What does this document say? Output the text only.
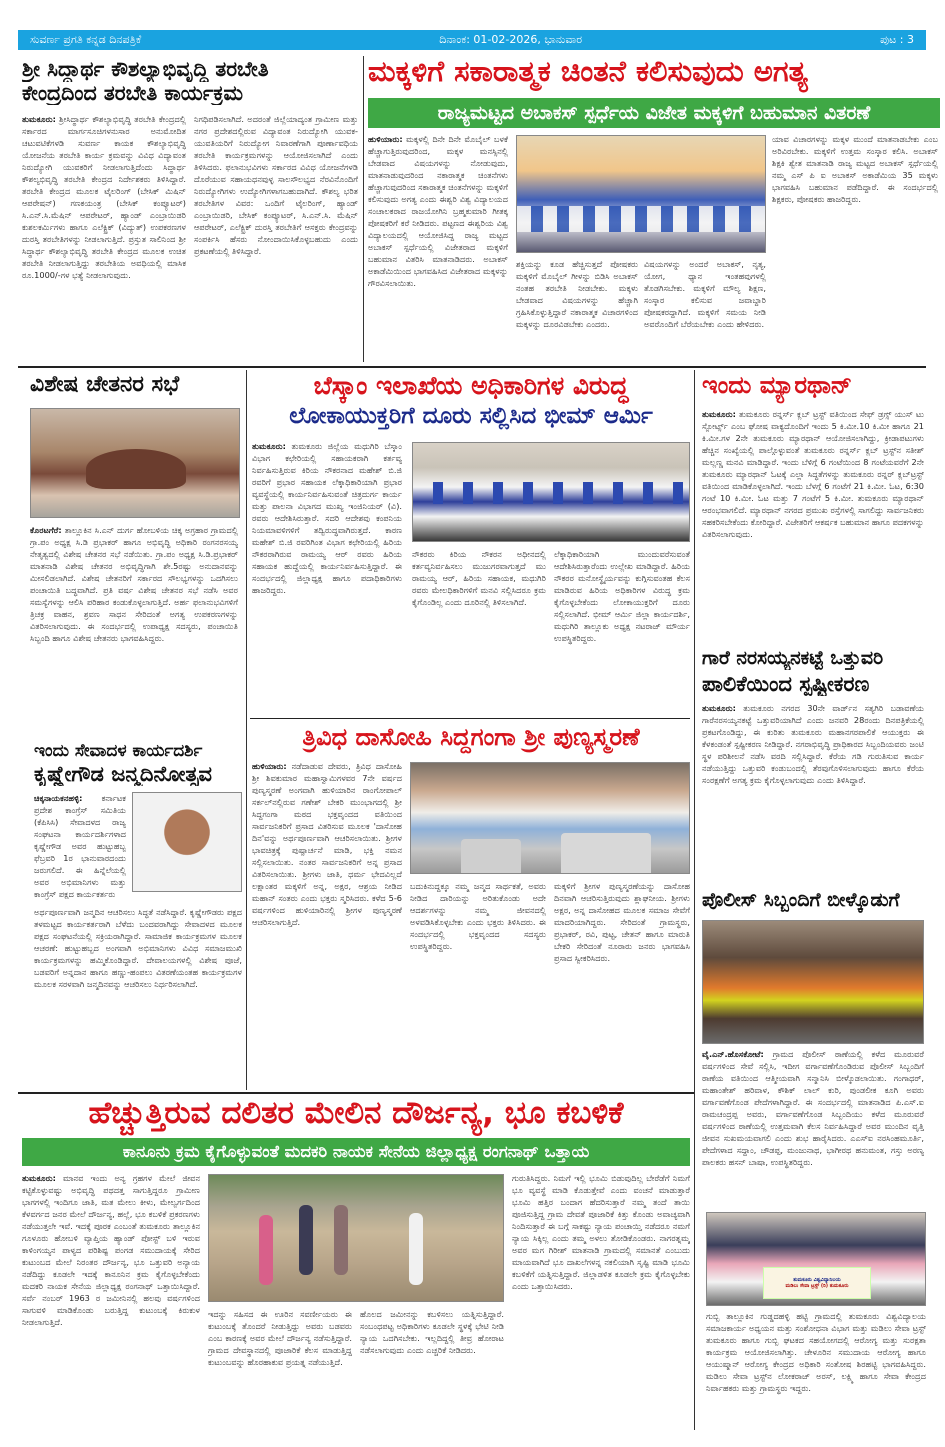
ಸುವರ್ಣ ಪ್ರಗತಿ ಕನ್ನಡ ದಿನಪತ್ರಿಕೆ	ದಿನಾಂಕ: 01-02-2026, ಭಾನುವಾರ	ಪುಟ : 3
ಶ್ರೀ ಸಿದ್ಧಾರ್ಥ ಕೌಶಲ್ಯಾಭಿವೃದ್ಧಿ ತರಬೇತಿ
ಕೇಂದ್ರದಿಂದ ತರಬೇತಿ ಕಾರ್ಯಕ್ರಮ
ತುಮಕೂರು: ಶ್ರೀಸಿದ್ಧಾರ್ಥ ಕೌಶಲ್ಯಾಭಿವೃದ್ಧಿ ತರಬೇತಿ ಕೇಂದ್ರದಲ್ಲಿ ಸರ್ಕಾರದ ಮಾರ್ಗಸೂಚಿಗಳನುಸಾರ ಅನುಮೋದಿತ ಚಟುವಟಿಕೆಗಳಡಿ ಸುವರ್ಣ ಕಾಯಕ ಕೌಶಲ್ಯಾಭಿವೃದ್ಧಿ ಯೋಜನೆಯ ತರಬೇತಿ ಕಾರ್ಯ ಕ್ರಮವನ್ನು ವಿವಿಧ ವಿದ್ಯಾವಂತ ನಿರುದ್ಯೋಗಿ ಯುವಕರಿಗೆ ನೀಡಲಾಗುತ್ತಿದೆಂದು ಸಿದ್ಧಾರ್ಥ ಕೌಶಲ್ಯಭಿವೃದ್ಧಿ ತರಬೇತಿ ಕೇಂದ್ರದ ನಿರ್ದೇಶಕರು ತಿಳಿಸಿದ್ದಾರೆ. ತರಬೇತಿ ಕೇಂದ್ರದ ಮೂಲಕ ಟೈಲರಿಂಗ್ (ಬೇಸಿಕ್ ಮಿಷಿನ್ ಆಪರೇಷನ್) ಗಣಕಯಂತ್ರ (ಬೇಸಿಕ್ ಕಂಪ್ಯೂಟರ್) ಸಿ.ಎನ್.ಸಿ.ಮೆಷಿನ್ ಆಪರೇಟರ್, ಹ್ಯಾಂಡ್ ಎಂಬ್ರಾಯಿಡರಿ ಕುಶಲಕರ್ಮಿಗಳು ಹಾಗೂ ಎಲೆಕ್ಟ್ರಿಕ್ (ವಿದ್ಯುತ್) ಉಪಕರಣಗಳ ದುರಸ್ತಿ ತರಬೇತಿಗಳನ್ನು ನೀಡಲಾಗುತ್ತಿದೆ. ಪ್ರಸ್ತುತ ಸಾಲಿನಿಂದ ಶ್ರೀ ಸಿದ್ಧಾರ್ಥ ಕೌಶಲ್ಯಾಭಿವೃದ್ಧಿ ತರಬೇತಿ ಕೇಂದ್ರದ ಮೂಲಕ ಉಚಿತ ತರಬೇತಿ ನೀಡಲಾಗುತ್ತಿದ್ದು ತರಬೇತಿಯ ಅವಧಿಯಲ್ಲಿ ಮಾಸಿಕ ರೂ.1000/-ಗಳ ಭತ್ಯೆ ನೀಡಲಾಗುವುದು.
ನಿಗಧಿಪಡಿಸಲಾಗಿದೆ. ಅದರಂತೆ ಜಿಲ್ಲೆಯಾದ್ಯಂತ ಗ್ರಾಮೀಣ ಮತ್ತು ನಗರ ಪ್ರದೇಶದಲ್ಲಿರುವ ವಿದ್ಯಾವಂತ ನಿರುದ್ಯೋಗಿ ಯುವಕ- ಯುವತಿಯರಿಗೆ ನಿರುದ್ಯೋಗ ನಿವಾರಣೆಗಾಗಿ ಪೂರ್ಣಾವಧಿಯ ತರಬೇತಿ ಕಾರ್ಯಕ್ರಮಗಳನ್ನು ಆಯೋಜಿಸಲಾಗಿದೆ ಎಂದು ತಿಳಿಸಿದರು. ಫಲಾನುಭವಿಗಳು ಸರ್ಕಾರದ ವಿವಿಧ ಯೋಜನೆಗಳಡಿ ದೊರೆಯುವ ಸಹಾಯಧನವುಳ್ಳ ಸಾಲಸೌಲಭ್ಯದ ನೆರವಿನೊಂದಿಗೆ ನಿರುದ್ಯೋಗಿಗಳು ಉದ್ಯೋಗಿಗಳಾಗಬಹುದಾಗಿದೆ. ಕೌಶಲ್ಯ ಭರಿತ ತರಬೇತಿಗಳ ವಿವರ: ಒಂದಿಗೆ ಟೈಲರಿಂಗ್, ಹ್ಯಾಂಡ್ ಎಂಬ್ರಾಯಿಡರಿ, ಬೇಸಿಕ್ ಕಂಪ್ಯೂಟರ್, ಸಿ.ಎನ್.ಸಿ. ಮೆಷಿನ್ ಆಪರೇಟರ್, ಎಲೆಕ್ಟ್ರಿಕ್ ದುರಸ್ತಿ ತರಬೇತಿಗೆ ಆಸಕ್ತರು ಕೇಂದ್ರವನ್ನು ಸಂಪರ್ಕಿಸಿ ಹೆಸರು ನೋಂದಾಯಿಸಿಕೊಳ್ಳಬಹುದು ಎಂದು ಪ್ರಕಟಣೆಯಲ್ಲಿ ತಿಳಿಸಿದ್ದಾರೆ.
ಮಕ್ಕಳಿಗೆ ಸಕಾರಾತ್ಮಕ ಚಿಂತನೆ ಕಲಿಸುವುದು ಅಗತ್ಯ
ರಾಜ್ಯಮಟ್ಟದ ಅಬಾಕಸ್ ಸ್ಪರ್ಧೆಯ ವಿಜೇತ ಮಕ್ಕಳಿಗೆ ಬಹುಮಾನ ವಿತರಣೆ
ಹುಳಿಯಾರು: ಮಕ್ಕಳಲ್ಲಿ ದಿನೇ ದಿನೇ ಮೊಬೈಲ್ ಬಳಕೆ ಹೆಚ್ಚಾಗುತ್ತಿರುವುದರಿಂದ, ಮಕ್ಕಳ ಮನಸ್ಸಿನಲ್ಲಿ ಬೇಡವಾದ ವಿಷಯಗಳನ್ನು ನೋಡುವುದು, ಮಾತನಾಡುವುದರಿಂದ ನಕಾರಾತ್ಮಕ ಚಿಂತನೆಗಳು ಹೆಚ್ಚಾಗುವುದರಿಂದ ಸಕಾರಾತ್ಮಕ ಚಿಂತನೆಗಳನ್ನು ಮಕ್ಕಳಿಗೆ ಕಲಿಸುವುದು ಅಗತ್ಯ ಎಂದು ಈಶ್ವರಿ ವಿಶ್ವ ವಿದ್ಯಾಲಯದ ಸಂಚಾಲಕರಾದ ರಾಜಯೋಗಿನಿ ಬ್ರಹ್ಮಕುಮಾರಿ ಗೀತಕ್ಕ ಪೋಷಕರಿಗೆ ಕರೆ ನೀಡಿದರು. ಪಟ್ಟಣದ ಈಶ್ವರಿಯ ವಿಶ್ವ ವಿದ್ಯಾಲಯದಲ್ಲಿ ಆಯೋಜಿಸಿದ್ದ ರಾಜ್ಯ ಮಟ್ಟದ ಅಬಾಕಸ್ ಸ್ಪರ್ಧೆಯಲ್ಲಿ ವಿಜೇತರಾದ ಮಕ್ಕಳಿಗೆ ಬಹುಮಾನ ವಿತರಿಸಿ ಮಾತನಾಡಿದರು. ಅಬಾಕಸ್ ಅಕಾಡೆಮಿಯಿಂದ ಭಾಗವಹಿಸಿದ ವಿಜೇತರಾದ ಮಕ್ಕಳನ್ನು ಗೌರವಿಸಲಾಯಿತು.
ಶಕ್ತಿಯನ್ನು ಕೂಡ ಹೆಚ್ಚಿಸುತ್ತದೆ ಪೋಷಕರು ಮಕ್ಕಳಿಗೆ ಮೊಬೈಲ್ ಗೀಳನ್ನು ಬಿಡಿಸಿ ಅಬಾಕಸ್ ನಂತಹ ತರಬೇತಿ ನೀಡಬೇಕು. ಮಕ್ಕಳು ಬೇಡವಾದ ವಿಷಯಗಳನ್ನು ಹೆಚ್ಚಾಗಿ ಗ್ರಹಿಸಿಕೊಳ್ಳುತ್ತಿದ್ದಾರೆ ನಕಾರಾತ್ಮಕ ವಿಚಾರಗಳಿಂದ ಮಕ್ಕಳನ್ನು ದೂರವಿಡಬೇಕು ಎಂದರು.
ವಿಷಯಗಳನ್ನು ಅಂದರೆ ಅಬಾಕಸ್, ನೃತ್ಯ, ಯೋಗ, ಧ್ಯಾನ ಇಂತಹವುಗಳಲ್ಲಿ ತೊಡಗಿಸಬೇಕು. ಮಕ್ಕಳಿಗೆ ಮೌಲ್ಯ ಶಿಕ್ಷಣ, ಸಂಸ್ಕಾರ ಕಲಿಸುವ ಜವಾಬ್ದಾರಿ ಪೋಷಕರದ್ದಾಗಿದೆ. ಮಕ್ಕಳಿಗೆ ಸಮಯ ನೀಡಿ ಅವರೊಂದಿಗೆ ಬೆರೆಯಬೇಕು ಎಂದು ಹೇಳಿದರು.
ಯಾವ ವಿಚಾರಗಳನ್ನು ಮಕ್ಕಳ ಮುಂದೆ ಮಾತನಾಡಬೇಕು ಎಂಬ ಅರಿವಿರಬೇಕು. ಮಕ್ಕಳಿಗೆ ಉತ್ತಮ ಸಂಸ್ಕಾರ ಕಲಿಸಿ. ಅಬಾಕಸ್ ಶಿಕ್ಷಕಿ ಶ್ವೇತ ಮಾತನಾಡಿ ರಾಜ್ಯ ಮಟ್ಟದ ಅಬಾಕಸ್ ಸ್ಪರ್ಧೆಯಲ್ಲಿ ನಮ್ಮ ಎಸ್ ಪಿ ಐ ಅಬಾಕಸ್ ಅಕಾಡೆಮಿಯ 35 ಮಕ್ಕಳು ಭಾಗವಹಿಸಿ ಬಹುಮಾನ ಪಡೆದಿದ್ದಾರೆ. ಈ ಸಂದರ್ಭದಲ್ಲಿ ಶಿಕ್ಷಕರು, ಪೋಷಕರು ಹಾಜರಿದ್ದರು.
ವಿಶೇಷ ಚೇತನರ ಸಭೆ
ಕೊರಟಗೆರೆ: ತಾಲ್ಲೂಕಿನ ಸಿ.ಎನ್ ದುರ್ಗ ಹೋಬಳಿಯ ಚಿಕ್ಕ ಅಗ್ರಹಾರ ಗ್ರಾಮದಲ್ಲಿ ಗ್ರಾ.ಪಂ ಅಧ್ಯಕ್ಷ ಸಿ.ಡಿ ಪ್ರಭಾಕರ್ ಹಾಗೂ ಅಭಿವೃದ್ಧಿ ಅಧಿಕಾರಿ ರಂಗನರಸಯ್ಯ ನೇತೃತ್ವದಲ್ಲಿ ವಿಶೇಷ ಚೇತನರ ಸಭೆ ನಡೆಯಿತು. ಗ್ರಾ.ಪಂ ಅಧ್ಯಕ್ಷ ಸಿ.ಡಿ.ಪ್ರಭಾಕರ್ ಮಾತನಾಡಿ ವಿಶೇಷ ಚೇತನರ ಅಭಿವೃದ್ಧಿಗಾಗಿ ಶೇ.5ರಷ್ಟು ಅನುದಾನವನ್ನು ಮೀಸಲಿಡಲಾಗಿದೆ. ವಿಶೇಷ ಚೇತನರಿಗೆ ಸರ್ಕಾರದ ಸೌಲಭ್ಯಗಳನ್ನು ಒದಗಿಸಲು ಪಂಚಾಯಿತಿ ಬದ್ಧವಾಗಿದೆ. ಪ್ರತಿ ವರ್ಷ ವಿಶೇಷ ಚೇತನರ ಸಭೆ ನಡೆಸಿ ಅವರ ಸಮಸ್ಯೆಗಳನ್ನು ಆಲಿಸಿ ಪರಿಹಾರ ಕಂಡುಕೊಳ್ಳಲಾಗುತ್ತಿದೆ. ಅರ್ಹ ಫಲಾನುಭವಿಗಳಿಗೆ ತ್ರಿಚಕ್ರ ವಾಹನ, ಶ್ರವಣ ಸಾಧನ ಸೇರಿದಂತೆ ಅಗತ್ಯ ಉಪಕರಣಗಳನ್ನು ವಿತರಿಸಲಾಗುವುದು. ಈ ಸಂದರ್ಭದಲ್ಲಿ ಉಪಾಧ್ಯಕ್ಷ ಸದಸ್ಯರು, ಪಂಚಾಯಿತಿ ಸಿಬ್ಬಂದಿ ಹಾಗೂ ವಿಶೇಷ ಚೇತನರು ಭಾಗವಹಿಸಿದ್ದರು.
ಇಂದು ಸೇವಾದಳ ಕಾರ್ಯದರ್ಶಿ
ಕೃಷ್ಣೇಗೌಡ ಜನ್ಮದಿನೋತ್ಸವ
ಚಿಕ್ಕನಾಯಕನಹಳ್ಳಿ: ಕರ್ನಾಟಕ ಪ್ರದೇಶ ಕಾಂಗ್ರೆಸ್ ಸಮಿತಿಯ (ಕೆಪಿಸಿಸಿ) ಸೇವಾದಳದ ರಾಜ್ಯ ಸಂಘಟನಾ ಕಾರ್ಯದರ್ಶಿಗಳಾದ ಕೃಷ್ಣೇಗೌಡ ಅವರ ಹುಟ್ಟುಹಬ್ಬ ಫೆಬ್ರವರಿ 1ರ ಭಾನುವಾರದಂದು ಜರುಗಲಿದೆ. ಈ ಹಿನ್ನೆಲೆಯಲ್ಲಿ ಅವರ ಅಭಿಮಾನಿಗಳು ಮತ್ತು ಕಾಂಗ್ರೆಸ್ ಪಕ್ಷದ ಕಾರ್ಯಕರ್ತರು
ಅರ್ಥಪೂರ್ಣವಾಗಿ ಜನ್ಮದಿನ ಆಚರಿಸಲು ಸಿದ್ಧತೆ ನಡೆಸಿದ್ದಾರೆ. ಕೃಷ್ಣೇಗೌಡರು ಪಕ್ಷದ ತಳಮಟ್ಟದ ಕಾರ್ಯಕರ್ತರಾಗಿ ಬೆಳೆದು ಬಂದವರಾಗಿದ್ದು ಸೇವಾದಳದ ಮೂಲಕ ಪಕ್ಷದ ಸಂಘಟನೆಯಲ್ಲಿ ಸಕ್ರಿಯರಾಗಿದ್ದಾರೆ. ಸಾಮಾಜಿಕ ಕಾರ್ಯಕ್ರಮಗಳ ಮೂಲಕ ಆಚರಣೆ: ಹುಟ್ಟುಹಬ್ಬದ ಅಂಗವಾಗಿ ಅಭಿಮಾನಿಗಳು ವಿವಿಧ ಸಮಾಜಮುಖಿ ಕಾರ್ಯಕ್ರಮಗಳನ್ನು ಹಮ್ಮಿಕೊಂಡಿದ್ದಾರೆ. ದೇವಾಲಯಗಳಲ್ಲಿ ವಿಶೇಷ ಪೂಜೆ, ಬಡವರಿಗೆ ಅನ್ನದಾನ ಹಾಗೂ ಹಣ್ಣು-ಹಂಪಲು ವಿತರಣೆಯಂತಹ ಕಾರ್ಯಕ್ರಮಗಳ ಮೂಲಕ ಸರಳವಾಗಿ ಜನ್ಮದಿನವನ್ನು ಆಚರಿಸಲು ನಿರ್ಧರಿಸಲಾಗಿದೆ.
ಬೆಸ್ಕಾಂ ಇಲಾಖೆಯ ಅಧಿಕಾರಿಗಳ ವಿರುದ್ಧ
ಲೋಕಾಯುಕ್ತರಿಗೆ ದೂರು ಸಲ್ಲಿಸಿದ ಭೀಮ್ ಆರ್ಮಿ
ತುಮಕೂರು: ತುಮಕೂರು ಜಿಲ್ಲೆಯ ಮಧುಗಿರಿ ಬೆಸ್ಕಾಂ ವಿಭಾಗ ಕಛೇರಿಯಲ್ಲಿ ಸಹಾಯಕರಾಗಿ ಕರ್ತವ್ಯ ನಿರ್ವಹಿಸುತ್ತಿರುವ ಕಿರಿಯ ನೌಕರನಾದ ಮಹೇಶ್ ಬಿ.ಜಿ ರವರಿಗೆ ಪ್ರಭಾರ ಸಹಾಯಕ ಲೆಕ್ಕಾಧಿಕಾರಿಯಾಗಿ ಪ್ರಭಾರ ವ್ಯವಸ್ಥೆಯಲ್ಲಿ ಕಾರ್ಯನಿರ್ವಹಿಸುವಂತೆ ಚಿತ್ರದುರ್ಗ ಕಾರ್ಯ ಮತ್ತು ಪಾಲನಾ ವಿಭಾಗದ ಮುಖ್ಯ ಇಂಜಿನಿಯರ್ (ವಿ). ರವರು ಆದೇಶಿಸಿರುತ್ತಾರೆ. ಸದರಿ ಆದೇಶವು ಕಂಪನಿಯ ನಿಯಮಾವಳಿಗಳಿಗೆ ತದ್ವಿರುದ್ಧವಾಗಿರುತ್ತದೆ. ಕಾರಣ ಮಹೇಶ್ ಬಿ.ಜಿ ರವರಿಗಿಂತ ವಿಭಾಗ ಕಛೇರಿಯಲ್ಲಿ ಹಿರಿಯ ನೌಕರರಾಗಿರುವ ರಾಮಯ್ಯ ಆರ್ ರವರು ಹಿರಿಯ ಸಹಾಯಕ ಹುದ್ದೆಯಲ್ಲಿ ಕಾರ್ಯನಿರ್ವಹಿಸುತ್ತಿದ್ದಾರೆ. ಈ ಸಂದರ್ಭದಲ್ಲಿ ಜಿಲ್ಲಾಧ್ಯಕ್ಷ ಹಾಗೂ ಪದಾಧಿಕಾರಿಗಳು ಹಾಜರಿದ್ದರು.
ನೌಕರರು ಕಿರಿಯ ನೌಕರನ ಅಧೀನದಲ್ಲಿ ಕರ್ತವ್ಯನಿರ್ವಹಿಸಲು ಮುಜುಗರವಾಗುತ್ತದೆ ಮು ರಾಮಯ್ಯ ಆರ್, ಹಿರಿಯ ಸಹಾಯಕ, ಮಧುಗಿರಿ ರವರು ಮೇಲಧಿಕಾರಿಗಳಿಗೆ ಮನವಿ ಸಲ್ಲಿಸಿದರೂ ಕ್ರಮ ಕೈಗೊಂಡಿಲ್ಲ ಎಂದು ದೂರಿನಲ್ಲಿ ತಿಳಿಸಲಾಗಿದೆ.
ಲೆಕ್ಕಾಧಿಕಾರಿಯಾಗಿ ಮುಂದುವರೆಸುವಂತೆ ಆದೇಶಿಸಿರುತ್ತಾರೆಂದು ಉಲ್ಲೇಖ ಮಾಡಿದ್ದಾರೆ. ಹಿರಿಯ ನೌಕರರ ಮನೋಸ್ಥೈರ್ಯವನ್ನು ಕುಗ್ಗಿಸುವಂತಹ ಕೆಲಸ ಮಾಡಿರುವ ಹಿರಿಯ ಅಧಿಕಾರಿಗಳ ವಿರುದ್ಧ ಕ್ರಮ ಕೈಗೊಳ್ಳಬೇಕೆಂದು ಲೋಕಾಯುಕ್ತರಿಗೆ ದೂರು ಸಲ್ಲಿಸಲಾಗಿದೆ. ಭೀಮ್ ಆರ್ಮಿ ಜಿಲ್ಲಾ ಕಾರ್ಯದರ್ಶಿ, ಮಧುಗಿರಿ ತಾಲ್ಲೂಕು ಅಧ್ಯಕ್ಷ ನಟರಾಜ್ ಮೌರ್ಯ ಉಪಸ್ಥಿತರಿದ್ದರು.
ಇಂದು ಮ್ಯಾರಥಾನ್
ತುಮಕೂರು: ತುಮಕೂರು ರನ್ನರ್ಸ್ ಕ್ಲಬ್ ಟ್ರಸ್ಟ್ ವತಿಯಿಂದ ಸೇಫ್ ಡ್ರಗ್ಸ್ ಯುಸ್ ಟು ಸ್ಪೋರ್ಟ್ಸ್ ಎಂಬ ಘೋಷ ವಾಕ್ಯದೊಂದಿಗೆ ಇಂದು 5 ಕಿ.ಮೀ.10 ಕಿ.ಮೀ ಹಾಗೂ 21 ಕಿ.ಮೀ.ಗಳ 2ನೇ ತುಮಕೂರು ಮ್ಯಾರಥಾನ್ ಆಯೋಜಿಸಲಾಗಿದ್ದು, ಕ್ರೀಡಾಪಟುಗಳು ಹೆಚ್ಚಿನ ಸಂಖ್ಯೆಯಲ್ಲಿ ಪಾಲ್ಗೊಳ್ಳುವಂತೆ ತುಮಕೂರು ರನ್ನರ್ಸ್ ಕ್ಲಬ್ ಟ್ರಸ್ಟ್‌ನ ಸತೀಶ್ ಮಲ್ಲಣ್ಣ ಮನವಿ ಮಾಡಿದ್ದಾರೆ. ಇಂದು ಬೆಳಿಗ್ಗೆ 6 ಗಂಟೆಯಿಂದ 8 ಗಂಟೆಯವರೆಗೆ 2ನೇ ತುಮಕೂರು ಮ್ಯಾರಥಾನ್ ಓಟಕ್ಕೆ ಎಲ್ಲಾ ಸಿದ್ಧತೆಗಳನ್ನು ತುಮಕೂರು ರನ್ನರ್ ಕ್ಲಬ್‌ಟ್ರಸ್ಟ್ ವತಿಯಿಂದ ಮಾಡಿಕೊಳ್ಳಲಾಗಿದೆ. ಇಂದು ಬೆಳಗ್ಗೆ 6 ಗಂಟೆಗೆ 21 ಕಿ.ಮೀ. ಓಟ, 6:30 ಗಂಟೆ 10 ಕಿ.ಮೀ. ಓಟ ಮತ್ತು 7 ಗಂಟೆಗೆ 5 ಕಿ.ಮೀ. ತುಮಕೂರು ಮ್ಯಾರಥಾನ್ ಆರಂಭವಾಗಲಿದೆ. ಮ್ಯಾರಥಾನ್ ನಗರದ ಪ್ರಮುಖ ರಸ್ತೆಗಳಲ್ಲಿ ಸಾಗಲಿದ್ದು ಸಾರ್ವಜನಿಕರು ಸಹಕರಿಸಬೇಕೆಂದು ಕೋರಿದ್ದಾರೆ. ವಿಜೇತರಿಗೆ ಆಕರ್ಷಕ ಬಹುಮಾನ ಹಾಗೂ ಪದಕಗಳನ್ನು ವಿತರಿಸಲಾಗುವುದು.
ಗಾರೆ ನರಸಯ್ಯನಕಟ್ಟೆ ಒತ್ತುವರಿ
ಪಾಲಿಕೆಯಿಂದ ಸ್ಪಷ್ಟೀಕರಣ
ತುಮಕೂರು: ತುಮಕೂರು ನಗರದ 30ನೇ ವಾರ್ಡ್‌ನ ಸತ್ಯಗಿರಿ ಬಡಾವಣೆಯ ಗಾರೆನರಸಯ್ಯನಕಟ್ಟೆ ಒತ್ತುವರಿಯಾಗಿದೆ ಎಂದು ಜನವರಿ 28ರಂದು ದಿನಪತ್ರಿಕೆಯಲ್ಲಿ ಪ್ರಕಟಗೊಂಡಿದ್ದು, ಈ ಕುರಿತು ತುಮಕೂರು ಮಹಾನಗರಪಾಲಿಕೆ ಆಯುಕ್ತರು ಈ ಕೆಳಕಂಡಂತೆ ಸ್ಪಷ್ಟೀಕರಣ ನೀಡಿದ್ದಾರೆ. ನಗರಾಭಿವೃದ್ಧಿ ಪ್ರಾಧಿಕಾರದ ಸಿಬ್ಬಂದಿಯವರು ಜಂಟಿ ಸ್ಥಳ ಪರಿಶೀಲನೆ ನಡೆಸಿ ವರದಿ ಸಲ್ಲಿಸಿದ್ದಾರೆ. ಕೆರೆಯ ಗಡಿ ಗುರುತಿಸುವ ಕಾರ್ಯ ನಡೆಯುತ್ತಿದ್ದು ಒತ್ತುವರಿ ಕಂಡುಬಂದಲ್ಲಿ ತೆರವುಗೊಳಿಸಲಾಗುವುದು ಹಾಗೂ ಕೆರೆಯ ಸಂರಕ್ಷಣೆಗೆ ಅಗತ್ಯ ಕ್ರಮ ಕೈಗೊಳ್ಳಲಾಗುವುದು ಎಂದು ತಿಳಿಸಿದ್ದಾರೆ.
ತ್ರಿವಿಧ ದಾಸೋಹಿ ಸಿದ್ದಗಂಗಾ ಶ್ರೀ ಪುಣ್ಯಸ್ಮರಣೆ
ಹುಳಿಯಾರು: ನಡೆದಾಡುವ ದೇವರು, ತ್ರಿವಿಧ ದಾಸೋಹಿ ಶ್ರೀ ಶಿವಕುಮಾರ ಮಹಾಸ್ವಾಮಿಗಳವರ 7ನೇ ವರ್ಷದ ಪುಣ್ಯಸ್ಮರಣೆ ಅಂಗವಾಗಿ ಹುಳಿಯಾರಿನ ರಾಂಗೋಪಾಲ್ ಸರ್ಕಲ್‌ನಲ್ಲಿರುವ ಗಣೇಶ್ ಬೇಕರಿ ಮುಂಭಾಗದಲ್ಲಿ ಶ್ರೀ ಸಿದ್ದಗಂಗಾ ಮಠದ ಭಕ್ತವೃಂದದ ವತಿಯಿಂದ ಸಾರ್ವಜನಿಕರಿಗೆ ಪ್ರಸಾದ ವಿತರಿಸುವ ಮೂಲಕ 'ದಾಸೋಹ ದಿನ'ವನ್ನು ಅರ್ಥಪೂರ್ಣವಾಗಿ ಆಚರಿಸಲಾಯಿತು. ಶ್ರೀಗಳ ಭಾವಚಿತ್ರಕ್ಕೆ ಪುಷ್ಪಾರ್ಚನೆ ಮಾಡಿ, ಭಕ್ತಿ ನಮನ ಸಲ್ಲಿಸಲಾಯಿತು. ನಂತರ ಸಾರ್ವಜನಿಕರಿಗೆ ಅನ್ನ ಪ್ರಸಾದ ವಿತರಿಸಲಾಯಿತು. ಶ್ರೀಗಳು ಜಾತಿ, ಧರ್ಮ ಭೇದವಿಲ್ಲದೆ ಲಕ್ಷಾಂತರ ಮಕ್ಕಳಿಗೆ ಅನ್ನ, ಅಕ್ಷರ, ಆಶ್ರಯ ನೀಡಿದ ಮಹಾನ್ ಸಂತರು ಎಂದು ಭಕ್ತರು ಸ್ಮರಿಸಿದರು. ಕಳೆದ 5-6 ವರ್ಷಗಳಿಂದ ಹುಳಿಯಾರಿನಲ್ಲಿ ಶ್ರೀಗಳ ಪುಣ್ಯಸ್ಮರಣೆ ಆಚರಿಸಲಾಗುತ್ತಿದೆ.
ಬದುಕಿನುದ್ದಕ್ಕೂ ನಮ್ಮ ಜನ್ಮದ ಸಾರ್ಥಕತೆ, ಅವರು ನೀಡಿದ ದಾರಿಯನ್ನು ಅರಿತುಕೊಂಡು ಅದೇ ಆದರ್ಶಗಳನ್ನು ನಮ್ಮ ಜೀವನದಲ್ಲಿ ಅಳವಡಿಸಿಕೊಳ್ಳಬೇಕು ಎಂದು ಭಕ್ತರು ತಿಳಿಸಿದರು. ಈ ಸಂದರ್ಭದಲ್ಲಿ ಭಕ್ತವೃಂದದ ಸದಸ್ಯರು ಉಪಸ್ಥಿತರಿದ್ದರು.
ಮಕ್ಕಳಿಗೆ ಶ್ರೀಗಳ ಪುಣ್ಯಸ್ಮರಣೆಯನ್ನು ದಾಸೋಹ ದಿನವಾಗಿ ಆಚರಿಸುತ್ತಿರುವುದು ಶ್ಲಾಘನೀಯ. ಶ್ರೀಗಳು ಅಕ್ಷರ, ಅನ್ನ ದಾಸೋಹದ ಮೂಲಕ ಸಮಾಜ ಸೇವೆಗೆ ಮಾದರಿಯಾಗಿದ್ದರು. ಸೇರಿದಂತೆ ಗ್ರಾಮಸ್ಥರು, ಪ್ರಭಾಕರ್, ರವಿ, ಪುಟ್ಟ, ಚೇತನ್ ಹಾಗೂ ಮಾರುತಿ ಬೇಕರಿ ಸೇರಿದಂತೆ ನೂರಾರು ಜನರು ಭಾಗವಹಿಸಿ ಪ್ರಸಾದ ಸ್ವೀಕರಿಸಿದರು.
ಪೊಲೀಸ್ ಸಿಬ್ಬಂದಿಗೆ ಬೀಳ್ಕೊಡುಗೆ
ವೈ.ಎನ್.ಹೊಸಕೋಟೆ: ಗ್ರಾಮದ ಪೊಲೀಸ್ ಠಾಣೆಯಲ್ಲಿ ಕಳೆದ ಮೂರುವರೆ ವರ್ಷಗಳಿಂದ ಸೇವೆ ಸಲ್ಲಿಸಿ, ಇದೀಗ ವರ್ಗಾವಣೆಗೊಂಡಿರುವ ಪೊಲೀಸ್ ಸಿಬ್ಬಂದಿಗೆ ಠಾಣೆಯ ವತಿಯಿಂದ ಆತ್ಮೀಯವಾಗಿ ಸನ್ಮಾನಿಸಿ ಬೀಳ್ಕೊಡಲಾಯಿತು. ಗಂಗಾಧರ್, ಮಹಾಂತೇಶ್ ಹರಿವಾಳ, ಕೌಶಿಕ್ ಲಾಲ್ ಕುರಿ, ಪುಂಡಲೀಕ ಕೂಗಿ ಅವರು ವರ್ಗಾವಣೆಗೊಂಡ ಪೇದೆಗಳಾಗಿದ್ದಾರೆ. ಈ ಸಂದರ್ಭದಲ್ಲಿ ಮಾತನಾಡಿದ ಪಿ.ಎಸ್.ಐ ರಾಮಚಂದ್ರಪ್ಪ ಅವರು, ವರ್ಗಾವಣೆಗೊಂಡ ಸಿಬ್ಬಂದಿಯು ಕಳೆದ ಮೂರುವರೆ ವರ್ಷಗಳಿಂದ ಠಾಣೆಯಲ್ಲಿ ಉತ್ತಮವಾಗಿ ಕೆಲಸ ನಿರ್ವಹಿಸಿದ್ದಾರೆ ಅವರ ಮುಂದಿನ ವೃತ್ತಿ ಜೀವನ ಸುಖಮಯವಾಗಲಿ ಎಂದು ಶುಭ ಹಾರೈಸಿದರು. ಎಎಸ್‌ಐ ನರಸಿಂಹಮೂರ್ತಿ, ಪೇದೆಗಳಾದ ಸದ್ದಾಂ, ಚೌಡಪ್ಪ, ಮಂಜುನಾಥ, ಭಾಗೀರಥ ಹನುಮಂತ, ಗಸ್ತು ಅರಣ್ಯ ಪಾಲಕರು ಹಸನ್ ಬಾಷಾ, ಉಪಸ್ಥಿತರಿದ್ದರು.
ತುಮಕೂರು ವಿಶ್ವವಿದ್ಯಾನಿಲಯ
ಮಡಿಲು ಸೇವಾ ಟ್ರಸ್ಟ್ (ರಿ) ತುಮಕೂರು
ಗುಬ್ಬಿ ತಾಲ್ಲೂಕಿನ ಗುಡ್ಡದಹಳ್ಳಿ ಹಟ್ಟಿ ಗ್ರಾಮದಲ್ಲಿ ತುಮಕೂರು ವಿಶ್ವವಿದ್ಯಾಲಯ ಸಮಾಜಕಾರ್ಯ ಅಧ್ಯಯನ ಮತ್ತು ಸಂಶೋಧನಾ ವಿಭಾಗ ಮತ್ತು ಮಡಿಲು ಸೇವಾ ಟ್ರಸ್ಟ್ ತುಮಕೂರು ಹಾಗೂ ಗುಬ್ಬಿ ಘಟಕದ ಸಹಯೋಗದಲ್ಲಿ ಆರೋಗ್ಯ ಮತ್ತು ಸುರಕ್ಷತಾ ಕಾರ್ಯಕ್ರಮ ಆಯೋಜಿಸಲಾಗಿತ್ತು. ಚೇಳೂರಿನ ಸಮುದಾಯ ಆರೋಗ್ಯ ಹಾಗೂ ಆಯುಷ್ಮಾನ್ ಆರೋಗ್ಯ ಕೇಂದ್ರದ ಅಧಿಕಾರಿ ಸಂತೋಷ ಶಿರಹಟ್ಟಿ ಭಾಗವಹಿಸಿದ್ದರು. ಮಡಿಲು ಸೇವಾ ಟ್ರಸ್ಟ್‌ನ ಲೋಕರಾಜ್ ಅರಸ್, ಲಕ್ಷ್ಮಿ ಹಾಗೂ ಸೇವಾ ಕೇಂದ್ರದ ನಿರ್ವಾಹಕರು ಮತ್ತು ಗ್ರಾಮಸ್ಥರು ಇದ್ದರು.
ಹೆಚ್ಚುತ್ತಿರುವ ದಲಿತರ ಮೇಲಿನ ದೌರ್ಜನ್ಯ, ಭೂ ಕಬಳಿಕೆ
ಕಾನೂನು ಕ್ರಮ ಕೈಗೊಳ್ಳುವಂತೆ ಮದಕರಿ ನಾಯಕ ಸೇನೆಯ ಜಿಲ್ಲಾಧ್ಯಕ್ಷ ರಂಗನಾಥ್ ಒತ್ತಾಯ
ತುಮಕೂರು: ಮಾನವ ಇಂದು ಅನ್ಯ ಗ್ರಹಗಳ ಮೇಲೆ ಜೀವನ ಕಟ್ಟಿಕೊಳ್ಳುವಷ್ಟು ಅಭಿವೃದ್ಧಿ ಪಥದತ್ತ ಸಾಗುತ್ತಿದ್ದರೂ ಗ್ರಾಮೀಣ ಭಾಗಗಳಲ್ಲಿ ಇಂದಿಗೂ ಜಾತಿ, ಮತ ಮೇಲು ಕೀಳು, ಮೇಲ್ವರ್ಗದಿಂದ ಕೆಳವರ್ಗದ ಜನರ ಮೇಲೆ ದೌರ್ಜನ್ಯ, ಹಲ್ಲೆ, ಭೂ ಕಬಳಿಕೆ ಪ್ರಕರಣಗಳು ನಡೆಯುತ್ತಲೇ ಇವೆ. ಇದಕ್ಕೆ ಪೂರಕ ಎಂಬಂತೆ ತುಮಕೂರು ತಾಲ್ಲೂಕಿನ ಗೂಳೂರು ಹೋಬಳಿ ವ್ಯಾಪ್ತಿಯ ಹ್ಯಾಂಡ್ ಪೋಸ್ಟ್ ಬಳಿ ಇರುವ ಕಾಳಿಂಗಯ್ಯನ ಪಾಳ್ಯದ ಪರಿಶಿಷ್ಟ ಪಂಗಡ ಸಮುದಾಯಕ್ಕೆ ಸೇರಿದ ಕುಟುಂಬದ ಮೇಲೆ ನಿರಂತರ ದೌರ್ಜನ್ಯ, ಭೂ ಒತ್ತುವರಿ ಅನ್ಯಾಯ ನಡೆದಿದ್ದು ಕೂಡಲೇ ಇದಕ್ಕೆ ಕಾನೂನಿನ ಕ್ರಮ ಕೈಗೊಳ್ಳಬೇಕೆಂದು ಮದಕರಿ ನಾಯಕ ಸೇನೆಯ ಜಿಲ್ಲಾಧ್ಯಕ್ಷ ರಂಗನಾಥ್ ಒತ್ತಾಯಿಸಿದ್ದಾರೆ. ಸರ್ವೆ ನಂಬರ್ 1963 ರ ಜಮೀನಿನಲ್ಲಿ ಹಲವು ವರ್ಷಗಳಿಂದ ಸಾಗುವಳಿ ಮಾಡಿಕೊಂಡು ಬರುತ್ತಿದ್ದ ಕುಟುಂಬಕ್ಕೆ ಕಿರುಕುಳ ನೀಡಲಾಗುತ್ತಿದೆ.
ಇದನ್ನು ಸಹಿಸದ ಈ ಊರಿನ ಸವರ್ಣೀಯರು ಈ ಕುಟುಂಬಕ್ಕೆ ತೊಂದರೆ ನೀಡುತ್ತಿದ್ದು ಅವರು ಬಡವರು ಎಂಬ ಕಾರಣಕ್ಕೆ ಅವರ ಮೇಲೆ ದೌರ್ಜನ್ಯ ನಡೆಸುತ್ತಿದ್ದಾರೆ. ಗ್ರಾಮದ ದೇವಸ್ಥಾನದಲ್ಲಿ ಪೂಜಾರಿಕೆ ಕೆಲಸ ಮಾಡುತ್ತಿದ್ದ ಕುಟುಂಬವನ್ನು ಹೊರಹಾಕುವ ಪ್ರಯತ್ನ ನಡೆಯುತ್ತಿದೆ.
ಹೊಲದ ಜಮೀನನ್ನು ಕಬಳಿಸಲು ಯತ್ನಿಸುತ್ತಿದ್ದಾರೆ. ಸಂಬಂಧಪಟ್ಟ ಅಧಿಕಾರಿಗಳು ಕೂಡಲೇ ಸ್ಥಳಕ್ಕೆ ಭೇಟಿ ನೀಡಿ ನ್ಯಾಯ ಒದಗಿಸಬೇಕು. ಇಲ್ಲದಿದ್ದಲ್ಲಿ ತೀವ್ರ ಹೋರಾಟ ನಡೆಸಲಾಗುವುದು ಎಂದು ಎಚ್ಚರಿಕೆ ನೀಡಿದರು.
ಗುರುತಿಸಿದ್ದರು. ನಿಮಗೆ ಇಲ್ಲಿ ಭೂಮಿ ಬಿಡುವುದಿಲ್ಲ ಬೇರೆಡೆಗೆ ನಿಮಗೆ ಭೂ ವ್ಯವಸ್ಥೆ ಮಾಡಿ ಕೊಡುತ್ತೇವೆ ಎಂದು ವಂಚನೆ ಮಾಡುತ್ತಾರೆ ಭೂಮಿ ಹತ್ತಿರ ಬಂದಾಗ ಹೆದರಿಸುತ್ತಾರೆ ನಮ್ಮ ತಂದೆ ತಾಯಿ ಪೂಜಿಸುತ್ತಿದ್ದ ಗ್ರಾಮ ದೇವತೆ ಪೂಜಾರಿಕೆ ಕಿತ್ತು ಕೊಂಡು ಅವಾಚ್ಯವಾಗಿ ನಿಂದಿಸುತ್ತಾರೆ ಈ ಬಗ್ಗೆ ಸಾಕಷ್ಟು ನ್ಯಾಯ ಪಂಚಾಯ್ತಿ ನಡೆದರೂ ನಮಗೆ ನ್ಯಾಯ ಸಿಕ್ಕಿಲ್ಲ ಎಂದು ತಮ್ಮ ಅಳಲು ತೋಡಿಕೊಂಡರು. ನಾಗರತ್ನಮ್ಮ ಅವರ ಮಗ ಗಿರೀಶ್ ಮಾತನಾಡಿ ಗ್ರಾಮದಲ್ಲಿ ಸಮಾನತೆ ಎಂಬುದು ಮಾಯವಾಗಿದೆ ಭೂ ದಾಖಲೆಗಳನ್ನ ನಕಲಿಯಾಗಿ ಸೃಷ್ಟಿ ಮಾಡಿ ಭೂಮಿ ಕಬಳಿಕೆಗೆ ಯತ್ನಿಸುತ್ತಿದ್ದಾರೆ. ಜಿಲ್ಲಾಡಳಿತ ಕೂಡಲೇ ಕ್ರಮ ಕೈಗೊಳ್ಳಬೇಕು ಎಂದು ಒತ್ತಾಯಿಸಿದರು.
